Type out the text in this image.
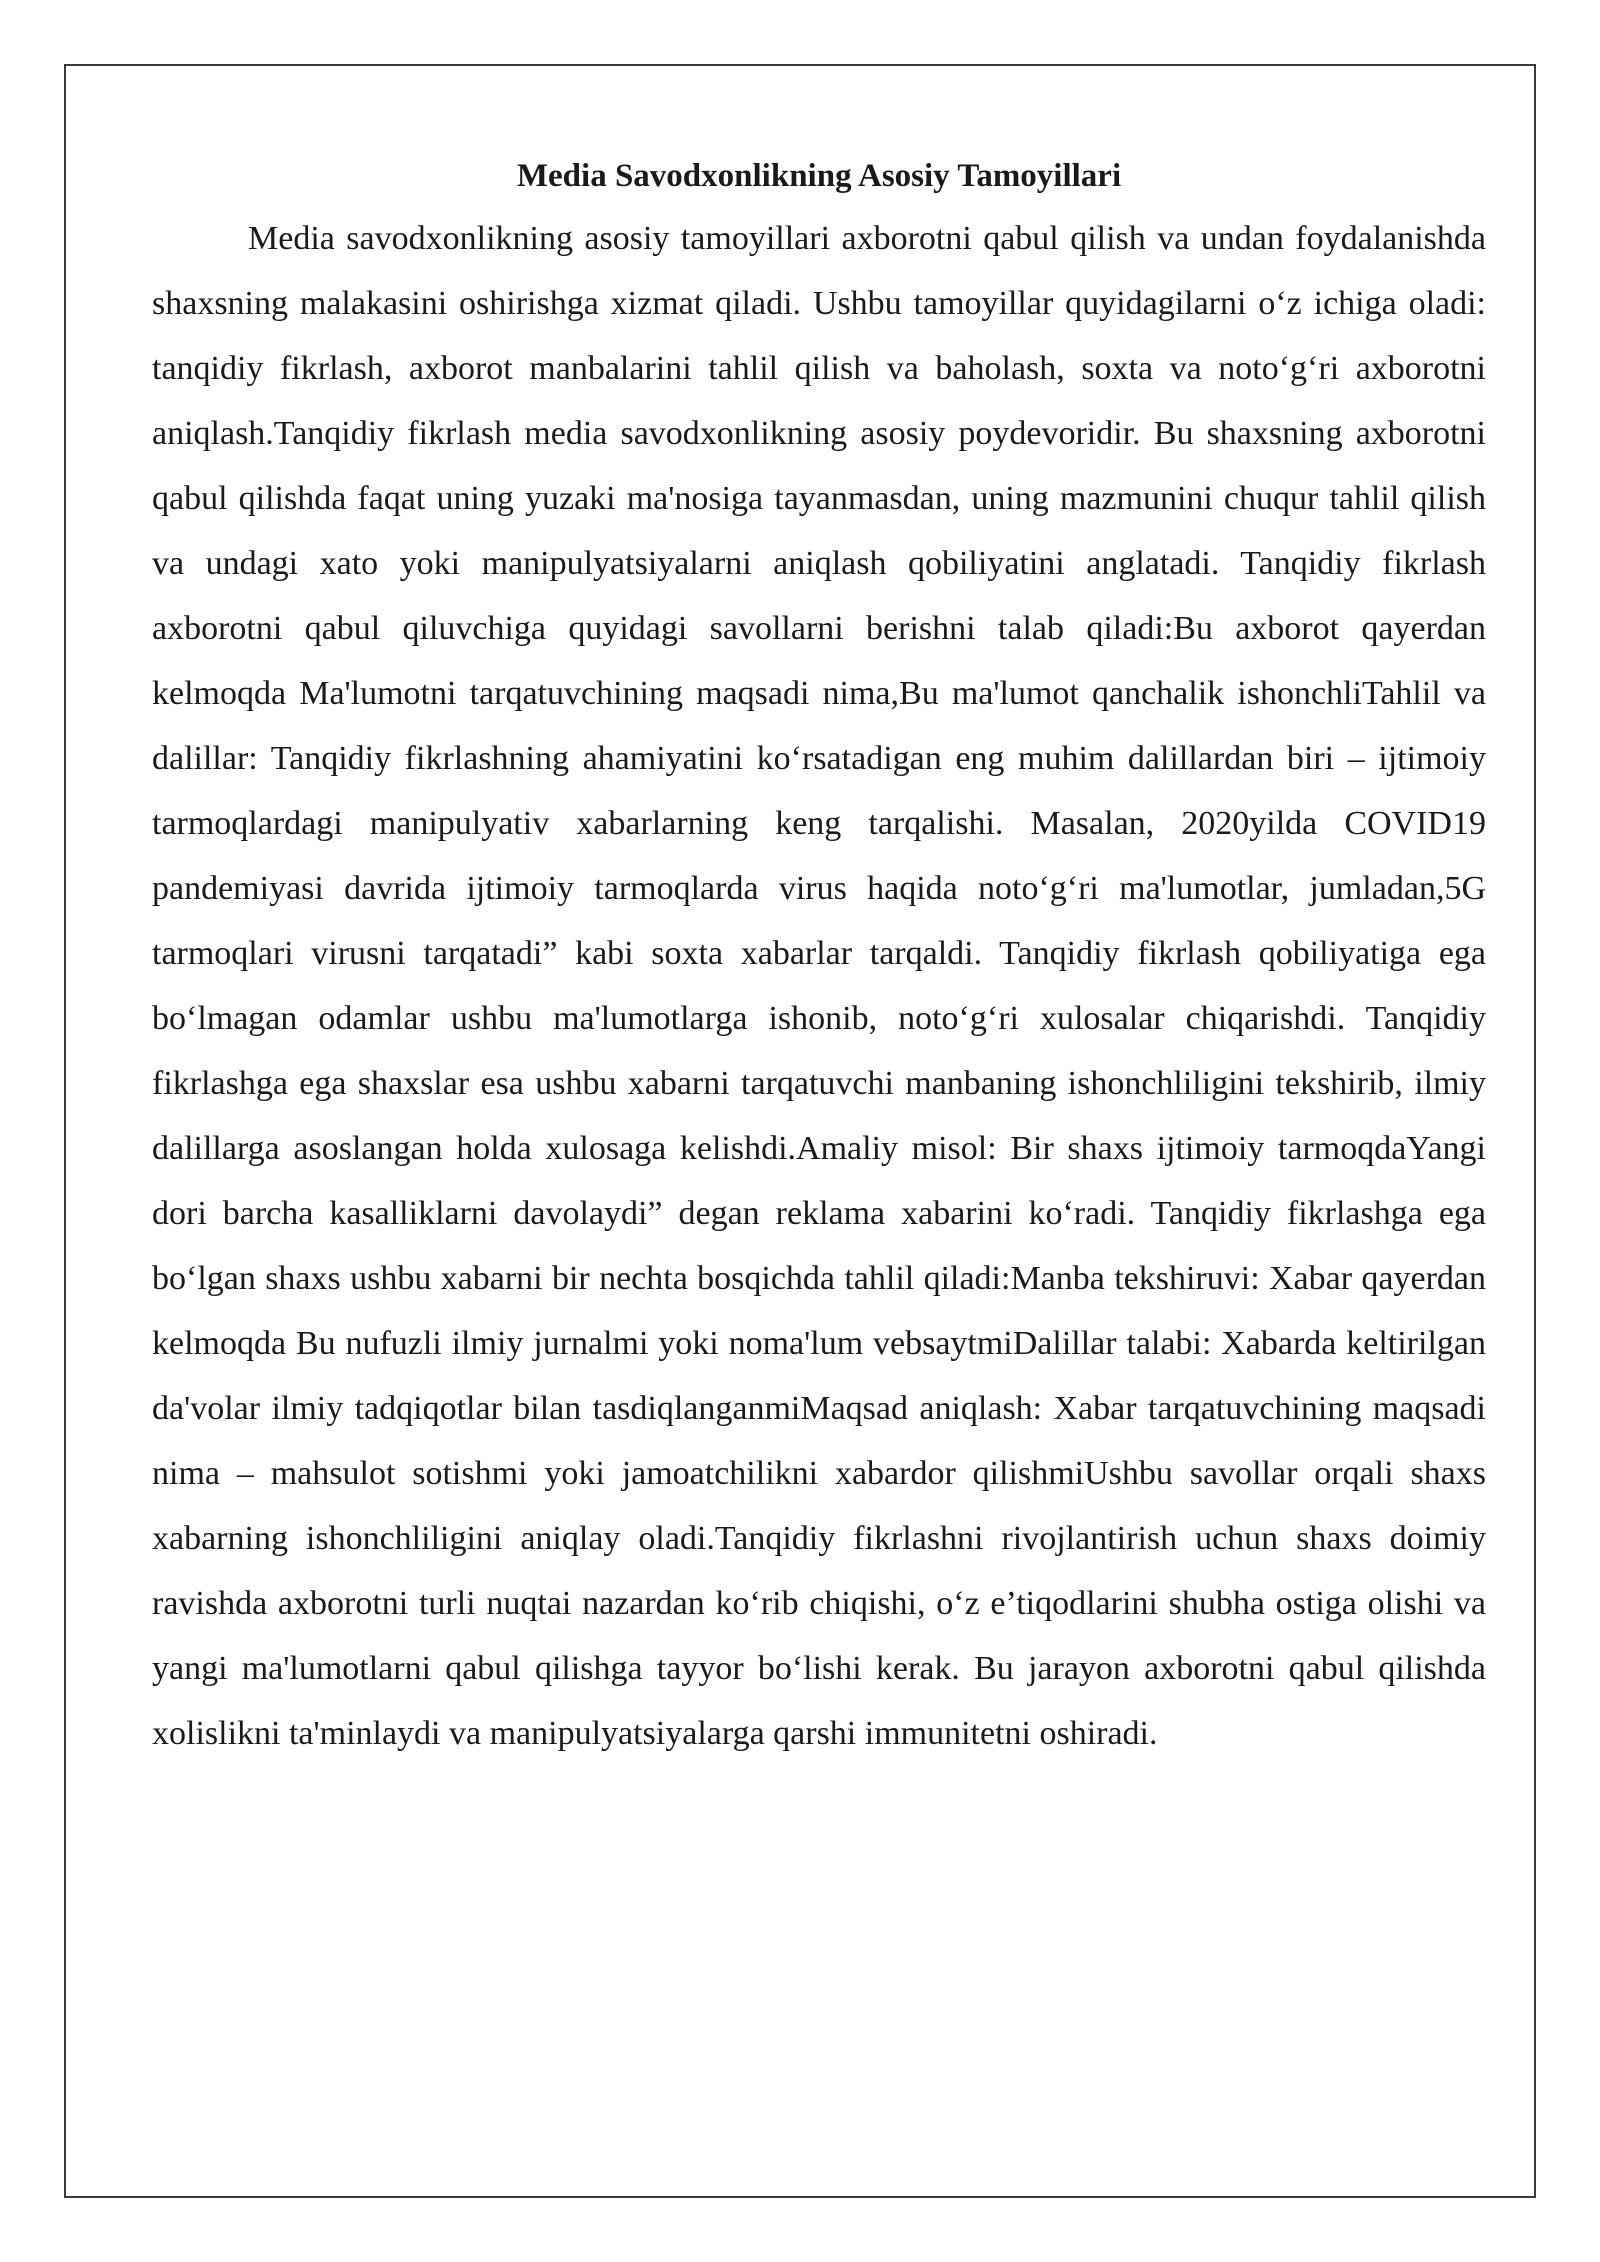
Media Savodxonlikning Asosiy Tamoyillari

Media savodxonlikning asosiy tamoyillari axborotni qabul qilish va undan foydalanishda shaxsning malakasini oshirishga xizmat qiladi. Ushbu tamoyillar quyidagilarni o‘z ichiga oladi: tanqidiy fikrlash, axborot manbalarini tahlil qilish va baholash, soxta va noto‘g‘ri axborotni aniqlash.Tanqidiy fikrlash media savodxonlikning asosiy poydevoridir. Bu shaxsning axborotni qabul qilishda faqat uning yuzaki ma'nosiga tayanmasdan, uning mazmunini chuqur tahlil qilish va undagi xato yoki manipulyatsiyalarni aniqlash qobiliyatini anglatadi. Tanqidiy fikrlash axborotni qabul qiluvchiga quyidagi savollarni berishni talab qiladi:Bu axborot qayerdan kelmoqda Ma'lumotni tarqatuvchining maqsadi nima,Bu ma'lumot qanchalik ishonchliTahlil va dalillar: Tanqidiy fikrlashning ahamiyatini ko‘rsatadigan eng muhim dalillardan biri – ijtimoiy tarmoqlardagi manipulyativ xabarlarning keng tarqalishi. Masalan, 2020yilda COVID19 pandemiyasi davrida ijtimoiy tarmoqlarda virus haqida noto‘g‘ri ma'lumotlar, jumladan,5G tarmoqlari virusni tarqatadi” kabi soxta xabarlar tarqaldi. Tanqidiy fikrlash qobiliyatiga ega bo‘lmagan odamlar ushbu ma'lumotlarga ishonib, noto‘g‘ri xulosalar chiqarishdi. Tanqidiy fikrlashga ega shaxslar esa ushbu xabarni tarqatuvchi manbaning ishonchliligini tekshirib, ilmiy dalillarga asoslangan holda xulosaga kelishdi.Amaliy misol: Bir shaxs ijtimoiy tarmoqdaYangi dori barcha kasalliklarni davolaydi” degan reklama xabarini ko‘radi. Tanqidiy fikrlashga ega bo‘lgan shaxs ushbu xabarni bir nechta bosqichda tahlil qiladi:Manba tekshiruvi: Xabar qayerdan kelmoqda Bu nufuzli ilmiy jurnalmi yoki noma'lum vebsaytmiDalillar talabi: Xabarda keltirilgan da'volar ilmiy tadqiqotlar bilan tasdiqlanganmiMaqsad aniqlash: Xabar tarqatuvchining maqsadi nima – mahsulot sotishmi yoki jamoatchilikni xabardor qilishmiUshbu savollar orqali shaxs xabarning ishonchliligini aniqlay oladi.Tanqidiy fikrlashni rivojlantirish uchun shaxs doimiy ravishda axborotni turli nuqtai nazardan ko‘rib chiqishi, o‘z e’tiqodlarini shubha ostiga olishi va yangi ma'lumotlarni qabul qilishga tayyor bo‘lishi kerak. Bu jarayon axborotni qabul qilishda xolislikni ta'minlaydi va manipulyatsiyalarga qarshi immunitetni oshiradi.
